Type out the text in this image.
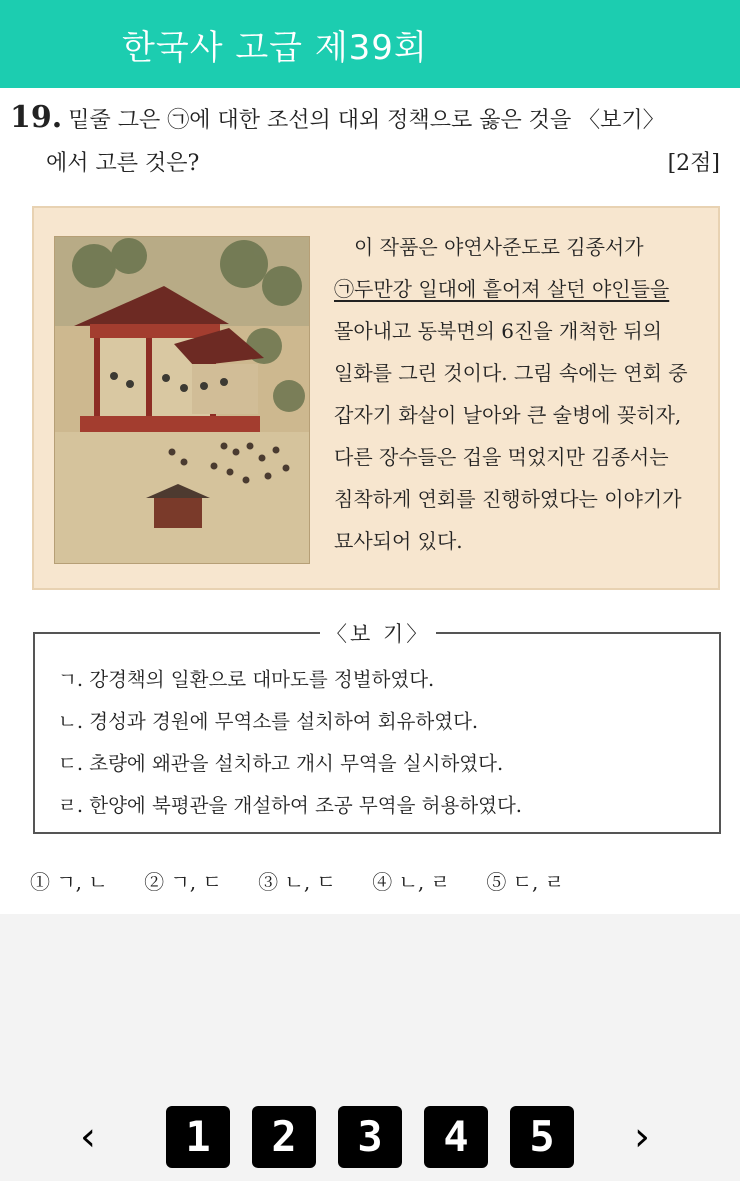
한국사 고급 제39회
19. 밑줄 그은 ㉠에 대한 조선의 대외 정책으로 옳은 것을 〈보기〉
에서 고른 것은?	[2점]
이 작품은 야연사준도로 김종서가
㉠두만강 일대에 흩어져 살던 야인들을
몰아내고 동북면의 6진을 개척한 뒤의
일화를 그린 것이다. 그림 속에는 연회 중
갑자기 화살이 날아와 큰 술병에 꽂히자,
다른 장수들은 겁을 먹었지만 김종서는
침착하게 연회를 진행하였다는 이야기가
묘사되어 있다.
〈보 기〉
ㄱ. 강경책의 일환으로 대마도를 정벌하였다.
ㄴ. 경성과 경원에 무역소를 설치하여 회유하였다.
ㄷ. 초량에 왜관을 설치하고 개시 무역을 실시하였다.
ㄹ. 한양에 북평관을 개설하여 조공 무역을 허용하였다.
① ㄱ, ㄴ ② ㄱ, ㄷ ③ ㄴ, ㄷ ④ ㄴ, ㄹ ⑤ ㄷ, ㄹ
‹	1	2	3	4	5	›
